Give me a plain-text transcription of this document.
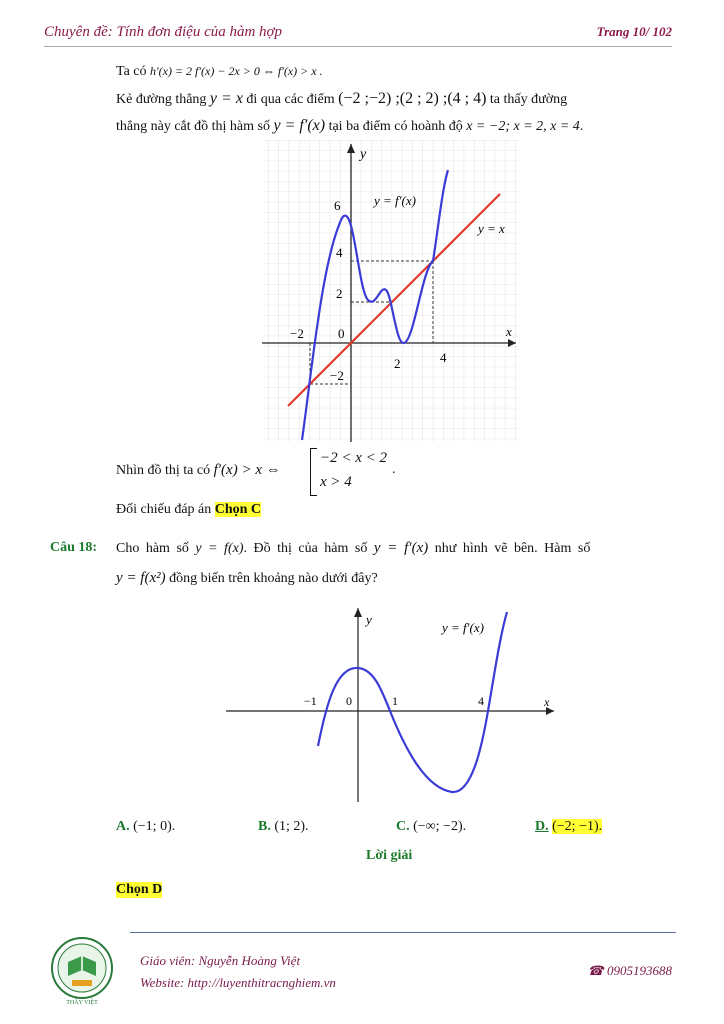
Chuyên đề: Tính đơn điệu của hàm hợp	Trang 10/ 102
Ta có h′(x) = 2 f′(x) − 2x > 0 ⇔ f′(x) > x .
Kẻ đường thẳng y = x đi qua các điểm (−2 ;−2) ;(2 ; 2) ;(4 ; 4) ta thấy đường
thẳng này cắt đồ thị hàm số y = f′(x) tại ba điểm có hoành độ x = −2; x = 2, x = 4.
y
x
y = f′(x)
y = x
6
4
2
0
−2
−2
2	4
Nhìn đồ thị ta có f′(x) > x ⇔
−2 < x < 2
x > 4
.
Đối chiếu đáp án Chọn C
Câu 18: Cho hàm số y = f(x). Đồ thị của hàm số y = f′(x) như hình vẽ bên. Hàm số
y = f(x²) đồng biến trên khoảng nào dưới đây?
y
x
y = f′(x)
−1 0	1	4
A. (−1; 0).	B. (1; 2).	C. (−∞; −2).	D. (−2; −1).
Lời giải
Chọn D
THẦY VIỆT
Giáo viên: Nguyễn Hoàng Việt
Website: http://luyenthitracnghiem.vn
☎ 0905193688
